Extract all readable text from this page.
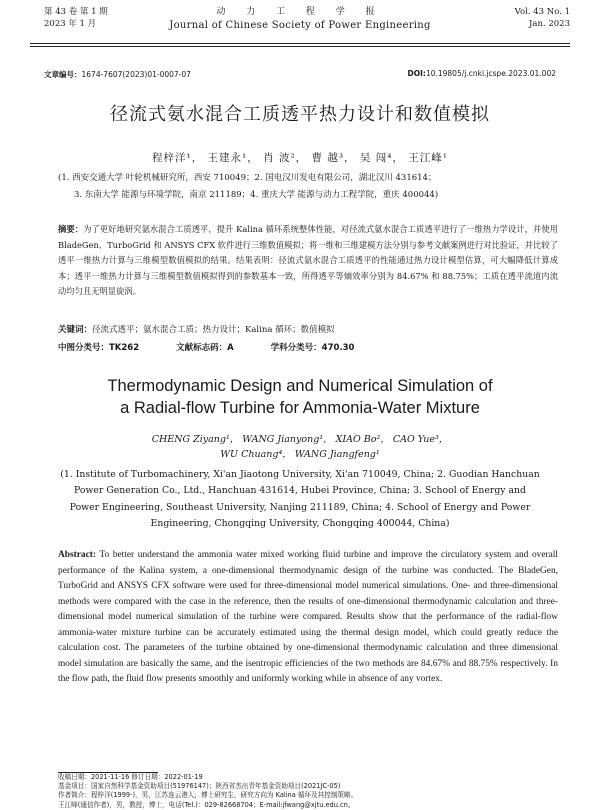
第 43 卷 第 1 期
2023 年 1 月
动 力 工 程 学 报
Journal of Chinese Society of Power Engineering
Vol. 43 No. 1
Jan. 2023
文章编号：1674-7607(2023)01-0007-07	DOI:10.19805/j.cnki.jcspe.2023.01.002
径流式氨水混合工质透平热力设计和数值模拟
程梓洋¹， 王建永¹， 肖 波²， 曹 越³， 吴 闯⁴， 王江峰¹
(1. 西安交通大学 叶轮机械研究所，西安 710049；2. 国电汉川发电有限公司，湖北汉川 431614；
3. 东南大学 能源与环境学院，南京 211189；4. 重庆大学 能源与动力工程学院，重庆 400044)
摘要：为了更好地研究氨水混合工质透平，提升 Kalina 循环系统整体性能，对径流式氨水混合工质透平进行了一维热力学设计，并使用 BladeGen、TurboGrid 和 ANSYS CFX 软件进行三维数值模拟；将一维和三维建模方法分别与参考文献案例进行对比验证，并比较了透平一维热力计算与三维模型数值模拟的结果。结果表明：径流式氨水混合工质透平的性能通过热力设计模型估算，可大幅降低计算成本；透平一维热力计算与三维模型数值模拟得到的参数基本一致，所得透平等熵效率分别为 84.67% 和 88.75%；工质在透平流道内流动均匀且无明显旋涡。
关键词：径流式透平；氨水混合工质；热力设计；Kalina 循环；数值模拟
中图分类号：TK262	文献标志码：A	学科分类号：470.30
Thermodynamic Design and Numerical Simulation of
a Radial-flow Turbine for Ammonia-Water Mixture
CHENG Ziyang¹， WANG Jianyong¹， XIAO Bo²， CAO Yue³，
WU Chuang⁴， WANG Jiangfeng¹
(1. Institute of Turbomachinery, Xi'an Jiaotong University, Xi'an 710049, China; 2. Guodian Hanchuan Power Generation Co., Ltd., Hanchuan 431614, Hubei Province, China; 3. School of Energy and Power Engineering, Southeast University, Nanjing 211189, China; 4. School of Energy and Power Engineering, Chongqing University, Chongqing 400044, China)
Abstract: To better understand the ammonia water mixed working fluid turbine and improve the circulatory system and overall performance of the Kalina system, a one-dimensional thermodynamic design of the turbine was conducted. The BladeGen, TurboGrid and ANSYS CFX software were used for three-dimensional model numerical simulations. One- and three-dimensional methods were compared with the case in the reference, then the results of one-dimensional thermodynamic calculation and three-dimensional model numerical simulation of the turbine were compared. Results show that the performance of the radial-flow ammonia-water mixture turbine can be accurately estimated using the thermal design model, which could greatly reduce the calculation cost. The parameters of the turbine obtained by one-dimensional thermodynamic calculation and three dimensional model simulation are basically the same, and the isentropic efficiencies of the two methods are 84.67% and 88.75% respectively. In the flow path, the fluid flow presents smoothly and uniformly working while in absence of any vortex.
收稿日期：2021-11-16 修订日期：2022-01-19
基金项目：国家自然科学基金资助项目(51976147)；陕西省杰出青年基金资助项目(2021JC-05)
作者简介：程梓洋(1999-)，男，江苏连云港人，博士研究生，研究方向为 Kalina 循环及其控制策略。
王江峰(通信作者)，男，教授，博士，电话(Tel.)：029-82668704；E-mail:jfwang@xjtu.edu.cn。
